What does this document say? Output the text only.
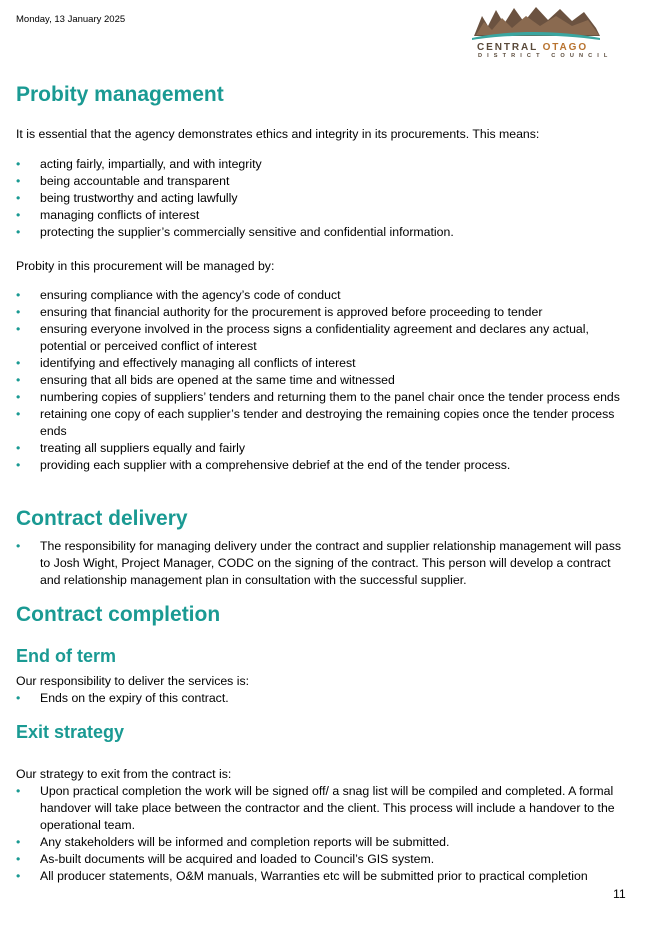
Monday, 13 January 2025
CENTRAL OTAGO
DISTRICT COUNCIL
Probity management
It is essential that the agency demonstrates ethics and integrity in its procurements. This means:
• acting fairly, impartially, and with integrity
• being accountable and transparent
• being trustworthy and acting lawfully
• managing conflicts of interest
• protecting the supplier’s commercially sensitive and confidential information.
Probity in this procurement will be managed by:
• ensuring compliance with the agency’s code of conduct
• ensuring that financial authority for the procurement is approved before proceeding to tender
• ensuring everyone involved in the process signs a confidentiality agreement and declares any actual, potential or perceived conflict of interest
• identifying and effectively managing all conflicts of interest
• ensuring that all bids are opened at the same time and witnessed
• numbering copies of suppliers’ tenders and returning them to the panel chair once the tender process ends
• retaining one copy of each supplier’s tender and destroying the remaining copies once the tender process ends
• treating all suppliers equally and fairly
• providing each supplier with a comprehensive debrief at the end of the tender process.
Contract delivery
• The responsibility for managing delivery under the contract and supplier relationship management will pass to Josh Wight, Project Manager, CODC on the signing of the contract. This person will develop a contract and relationship management plan in consultation with the successful supplier.
Contract completion
End of term
Our responsibility to deliver the services is:
• Ends on the expiry of this contract.
Exit strategy
Our strategy to exit from the contract is:
• Upon practical completion the work will be signed off/ a snag list will be compiled and completed. A formal handover will take place between the contractor and the client. This process will include a handover to the operational team.
• Any stakeholders will be informed and completion reports will be submitted.
• As-built documents will be acquired and loaded to Council’s GIS system.
• All producer statements, O&M manuals, Warranties etc will be submitted prior to practical completion
11
